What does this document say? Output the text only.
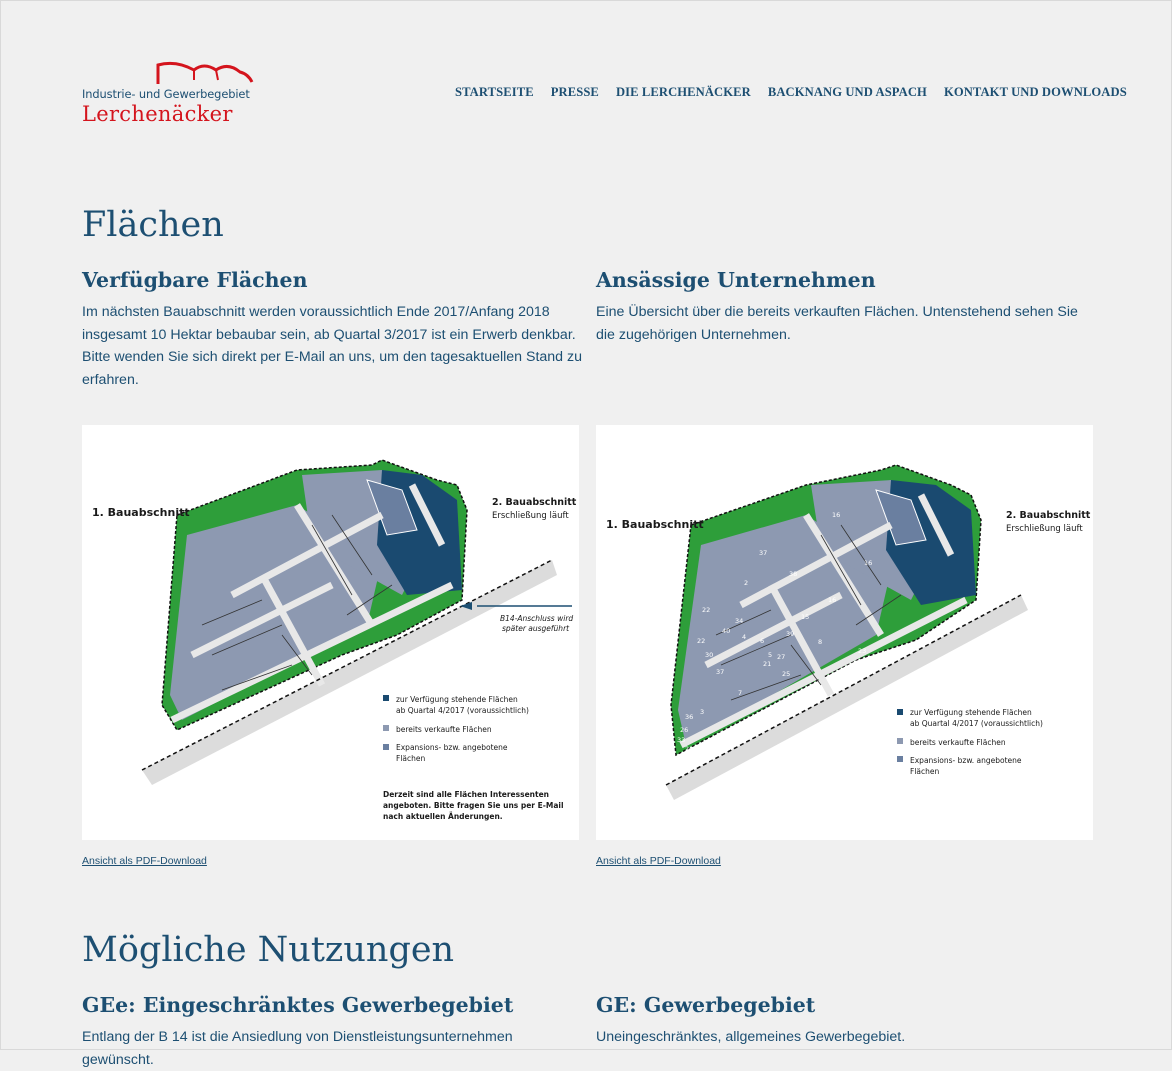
Industrie- und Gewerbegebiet
Lerchenäcker
STARTSEITE PRESSE DIE LERCHENÄCKER BACKNANG UND ASPACH KONTAKT UND DOWNLOADS
Flächen
Verfügbare Flächen

Im nächsten Bauabschnitt werden voraussichtlich Ende 2017/Anfang 2018 insgesamt 10 Hektar bebaubar sein, ab Quartal 3/2017 ist ein Erwerb denkbar. Bitte wenden Sie sich direkt per E-Mail an uns, um den tagesaktuellen Stand zu erfahren.

Ansässige Unternehmen

Eine Übersicht über die bereits verkauften Flächen. Untenstehend sehen Sie die zugehörigen Unternehmen.

1. Bauabschnitt
2. Bauabschnitt
Erschließung läuft
B14-Anschluss wird
später ausgeführt
zur Verfügung stehende Flächen
ab Quartal 4/2017 (voraussichtlich)
bereits verkaufte Flächen
Expansions- bzw. angebotene
Flächen
Derzeit sind alle Flächen Interessenten
angeboten. Bitte fragen Sie uns per E-Mail
nach aktuellen Änderungen.
Ansicht als PDF-Download
16
16
16
37
38
2
15
39
8
22
40
34
6
5
4
21
23
22
30
37
7	11
24
3
14
36
26
10
20
27
33
25
1. Bauabschnitt
2. Bauabschnitt
Erschließung läuft
zur Verfügung stehende Flächen
ab Quartal 4/2017 (voraussichtlich)
bereits verkaufte Flächen
Expansions- bzw. angebotene
Flächen
Ansicht als PDF-Download
Mögliche Nutzungen
GEe: Eingeschränktes Gewerbegebiet

Entlang der B 14 ist die Ansiedlung von Dienstleistungsunternehmen gewünscht.

GE: Gewerbegebiet

Uneingeschränktes, allgemeines Gewerbegebiet.
